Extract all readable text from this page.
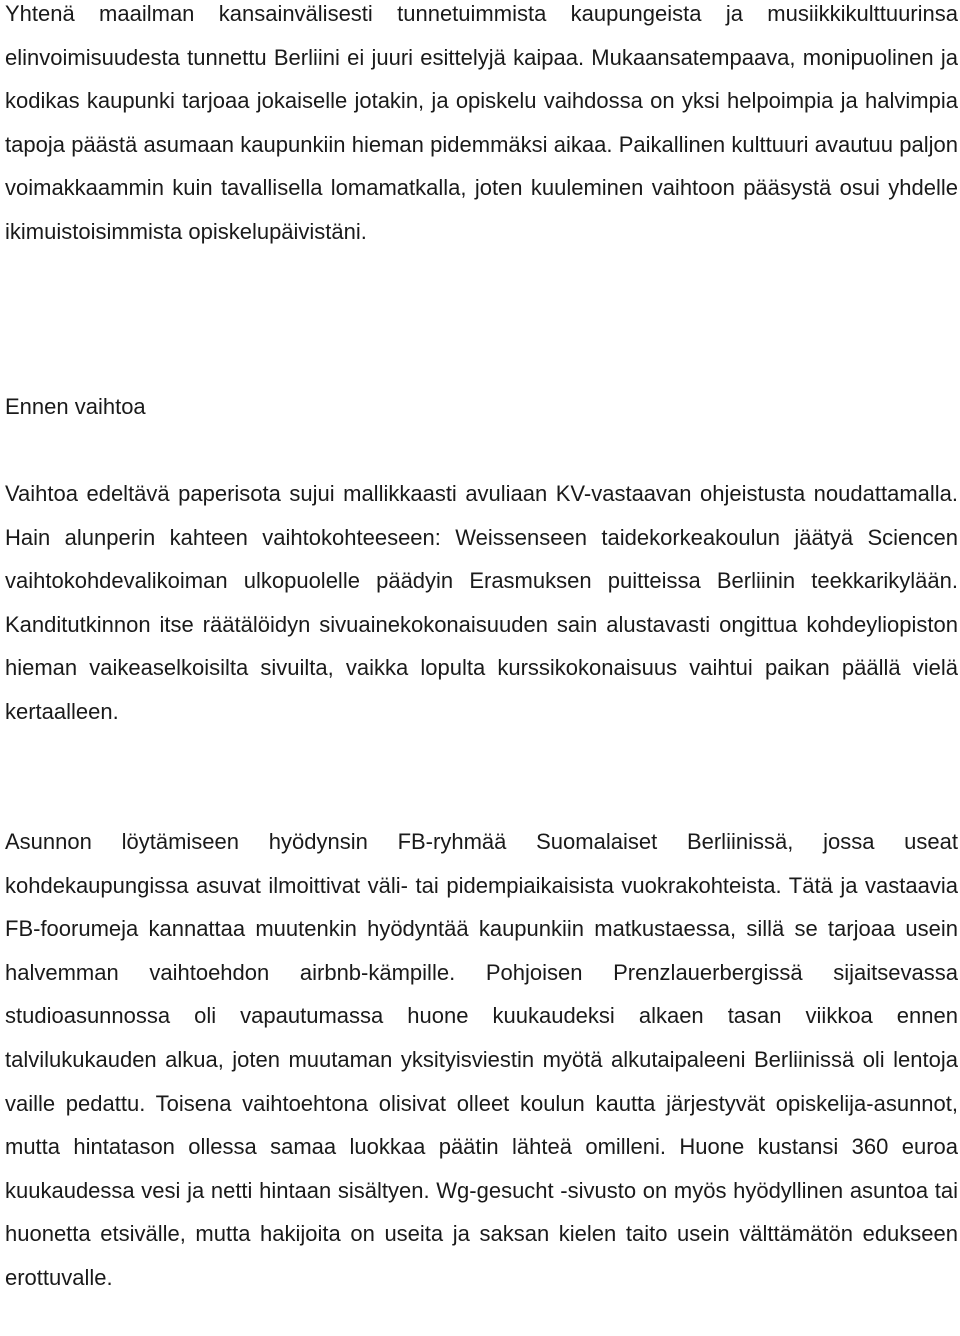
Yhtenä maailman kansainvälisesti tunnetuimmista kaupungeista ja musiikkikulttuurinsa elinvoimisuudesta tunnettu Berliini ei juuri esittelyjä kaipaa. Mukaansatempaava, monipuolinen ja kodikas kaupunki tarjoaa jokaiselle jotakin, ja opiskelu vaihdossa on yksi helpoimpia ja halvimpia tapoja päästä asumaan kaupunkiin hieman pidemmäksi aikaa. Paikallinen kulttuuri avautuu paljon voimakkaammin kuin tavallisella lomamatkalla, joten kuuleminen vaihtoon pääsystä osui yhdelle ikimuistoisimmista opiskelupäivistäni.

Ennen vaihtoa

Vaihtoa edeltävä paperisota sujui mallikkaasti avuliaan KV-vastaavan ohjeistusta noudattamalla. Hain alunperin kahteen vaihtokohteeseen: Weissenseen taidekorkeakoulun jäätyä Sciencen vaihtokohdevalikoiman ulkopuolelle päädyin Erasmuksen puitteissa Berliinin teekkarikylään. Kanditutkinnon itse räätälöidyn sivuainekokonaisuuden sain alustavasti ongittua kohdeyliopiston hieman vaikeaselkoisilta sivuilta, vaikka lopulta kurssikokonaisuus vaihtui paikan päällä vielä kertaalleen.

Asunnon löytämiseen hyödynsin FB-ryhmää Suomalaiset Berliinissä, jossa useat kohdekaupungissa asuvat ilmoittivat väli- tai pidempiaikaisista vuokrakohteista. Tätä ja vastaavia FB-foorumeja kannattaa muutenkin hyödyntää kaupunkiin matkustaessa, sillä se tarjoaa usein halvemman vaihtoehdon airbnb-kämpille. Pohjoisen Prenzlauerbergissä sijaitsevassa studioasunnossa oli vapautumassa huone kuukaudeksi alkaen tasan viikkoa ennen talvilukukauden alkua, joten muutaman yksityisviestin myötä alkutaipaleeni Berliinissä oli lentoja vaille pedattu. Toisena vaihtoehtona olisivat olleet koulun kautta järjestyvät opiskelija-asunnot, mutta hintatason ollessa samaa luokkaa päätin lähteä omilleni. Huone kustansi 360 euroa kuukaudessa vesi ja netti hintaan sisältyen. Wg-gesucht -sivusto on myös hyödyllinen asuntoa tai huonetta etsivälle, mutta hakijoita on useita ja saksan kielen taito usein välttämätön edukseen erottuvalle.
